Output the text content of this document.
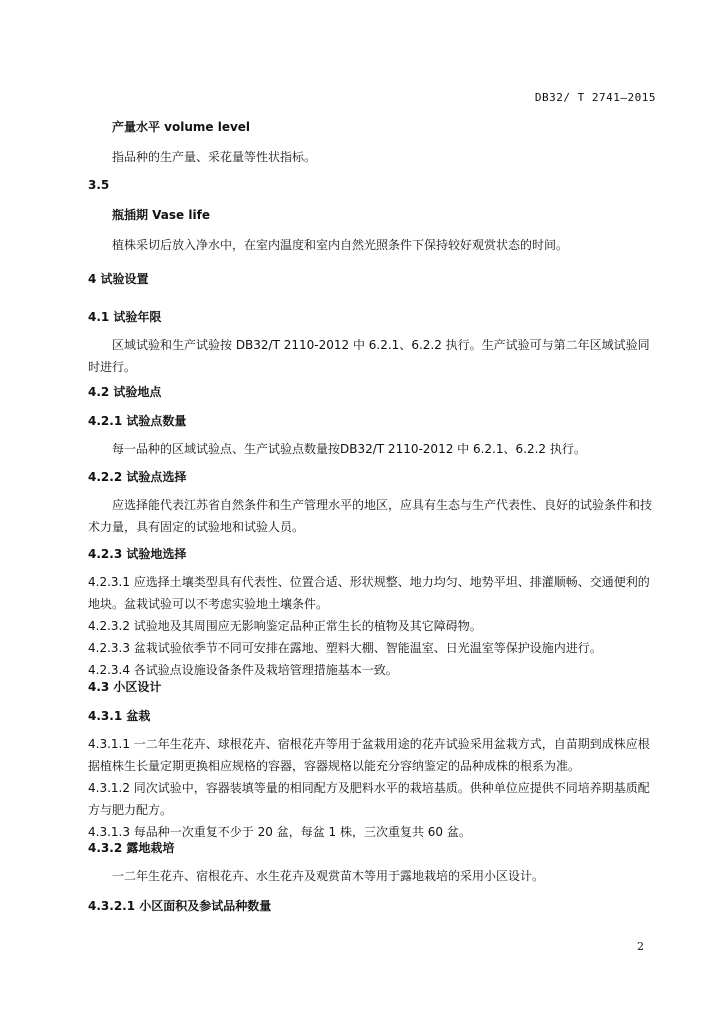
DB32/ T 2741—2015
产量水平 volume level
指品种的生产量、采花量等性状指标。
3.5
瓶插期 Vase life
植株采切后放入净水中，在室内温度和室内自然光照条件下保持较好观赏状态的时间。
4 试验设置
4.1 试验年限
区域试验和生产试验按 DB32/T 2110-2012 中 6.2.1、6.2.2 执行。生产试验可与第二年区域试验同时进行。
4.2 试验地点
4.2.1 试验点数量
每一品种的区域试验点、生产试验点数量按DB32/T 2110-2012 中 6.2.1、6.2.2 执行。
4.2.2 试验点选择
应选择能代表江苏省自然条件和生产管理水平的地区，应具有生态与生产代表性、良好的试验条件和技术力量，具有固定的试验地和试验人员。
4.2.3 试验地选择
4.2.3.1 应选择土壤类型具有代表性、位置合适、形状规整、地力均匀、地势平坦、排灌顺畅、交通便利的地块。盆栽试验可以不考虑实验地土壤条件。
4.2.3.2 试验地及其周围应无影响鉴定品种正常生长的植物及其它障碍物。
4.2.3.3 盆栽试验依季节不同可安排在露地、塑料大棚、智能温室、日光温室等保护设施内进行。
4.2.3.4 各试验点设施设备条件及栽培管理措施基本一致。
4.3 小区设计
4.3.1 盆栽
4.3.1.1 一二年生花卉、球根花卉、宿根花卉等用于盆栽用途的花卉试验采用盆栽方式，自苗期到成株应根据植株生长量定期更换相应规格的容器，容器规格以能充分容纳鉴定的品种成株的根系为准。
4.3.1.2 同次试验中，容器装填等量的相同配方及肥料水平的栽培基质。供种单位应提供不同培养期基质配方与肥力配方。
4.3.1.3 每品种一次重复不少于 20 盆，每盆 1 株，三次重复共 60 盆。
4.3.2 露地栽培
一二年生花卉、宿根花卉、水生花卉及观赏苗木等用于露地栽培的采用小区设计。
4.3.2.1 小区面积及参试品种数量
2
